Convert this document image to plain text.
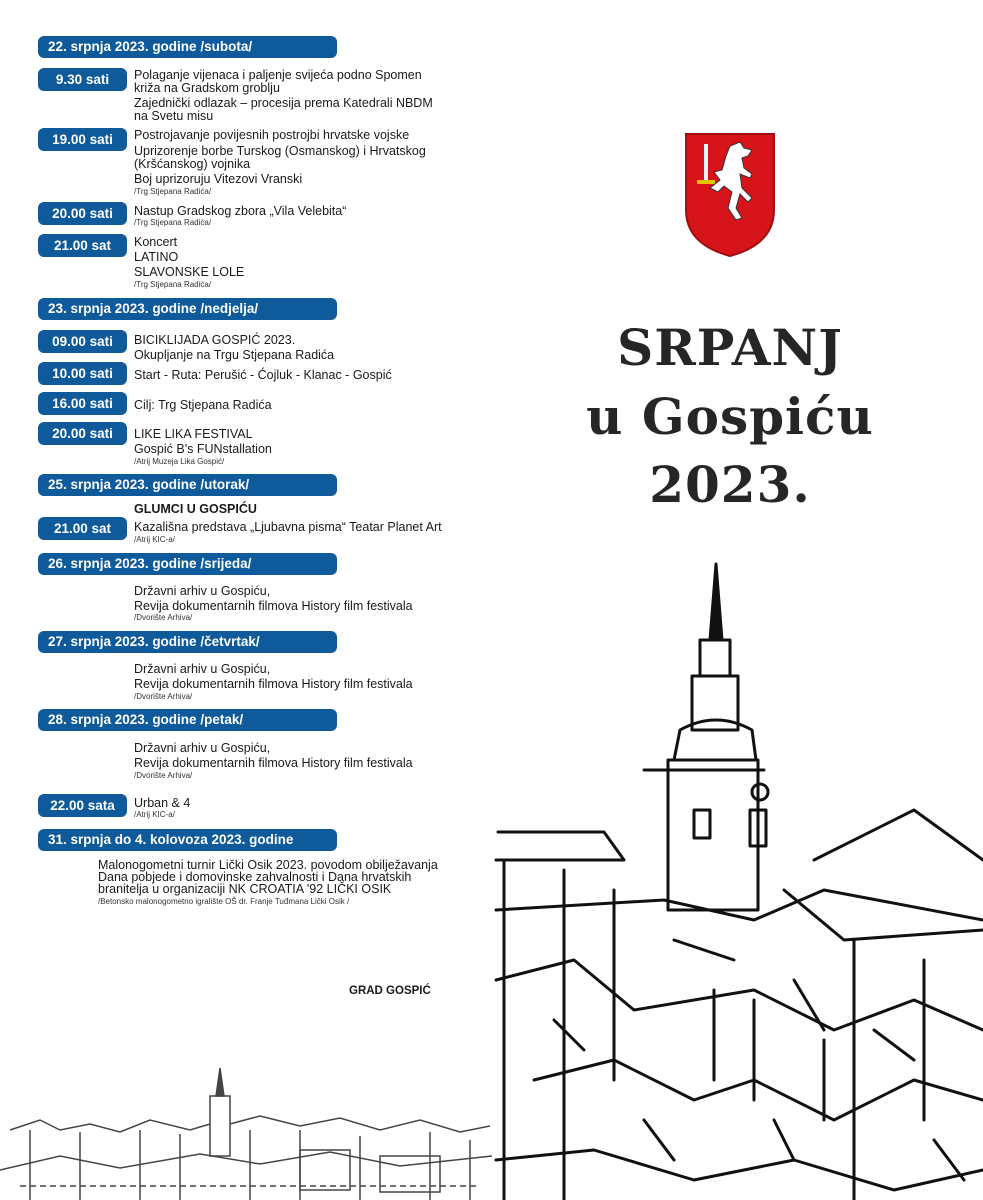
22. srpnja 2023. godine /subota/
9.30 sati	Polaganje vijenaca i paljenje svijeća podno Spomen
križa na Gradskom groblju
Zajednički odlazak – procesija prema Katedrali NBDM
na Svetu misu
19.00 sati	Postrojavanje povijesnih postrojbi hrvatske vojske
Uprizorenje borbe Turskog (Osmanskog) i Hrvatskog
(Kršćanskog) vojnika
Boj uprizoruju Vitezovi Vranski
/Trg Stjepana Radića/
20.00 sati	Nastup Gradskog zbora „Vila Velebita“
/Trg Stjepana Radića/
21.00 sat	Koncert
LATINO
SLAVONSKE LOLE
/Trg Stjepana Radića/
23. srpnja 2023. godine /nedjelja/
09.00 sati	BICIKLIJADA GOSPIĆ 2023.
Okupljanje na Trgu Stjepana Radića
10.00 sati	Start - Ruta: Perušić - Ćojluk - Klanac - Gospić
16.00 sati	Cilj: Trg Stjepana Radića
20.00 sati	LIKE LIKA FESTIVAL
Gospić B's FUNstallation
/Atrij Muzeja Lika Gospić/
25. srpnja 2023. godine /utorak/
GLUMCI U GOSPIĆU
21.00 sat	Kazališna predstava „Ljubavna pisma“ Teatar Planet Art
/Atrij KIC-a/
26. srpnja 2023. godine /srijeda/
Državni arhiv u Gospiću,
Revija dokumentarnih filmova History film festivala
/Dvorište Arhiva/
27. srpnja 2023. godine /četvrtak/
Državni arhiv u Gospiću,
Revija dokumentarnih filmova History film festivala
/Dvorište Arhiva/
28. srpnja 2023. godine /petak/
Državni arhiv u Gospiću,
Revija dokumentarnih filmova History film festivala
/Dvorište Arhiva/
22.00 sata	Urban & 4
/Atrij KIC-a/
31. srpnja do 4. kolovoza 2023. godine
Malonogometni turnir Lički Osik 2023. povodom obilježavanja
Dana pobjede i domovinske zahvalnosti i Dana hrvatskih
branitelja u organizaciji NK CROATIA '92 LIČKI OSIK
/Betonsko malonogometno igralište OŠ dr. Franje Tuđmana Lički Osik /
GRAD GOSPIĆ
SRPANJ
u Gospiću
2023.
